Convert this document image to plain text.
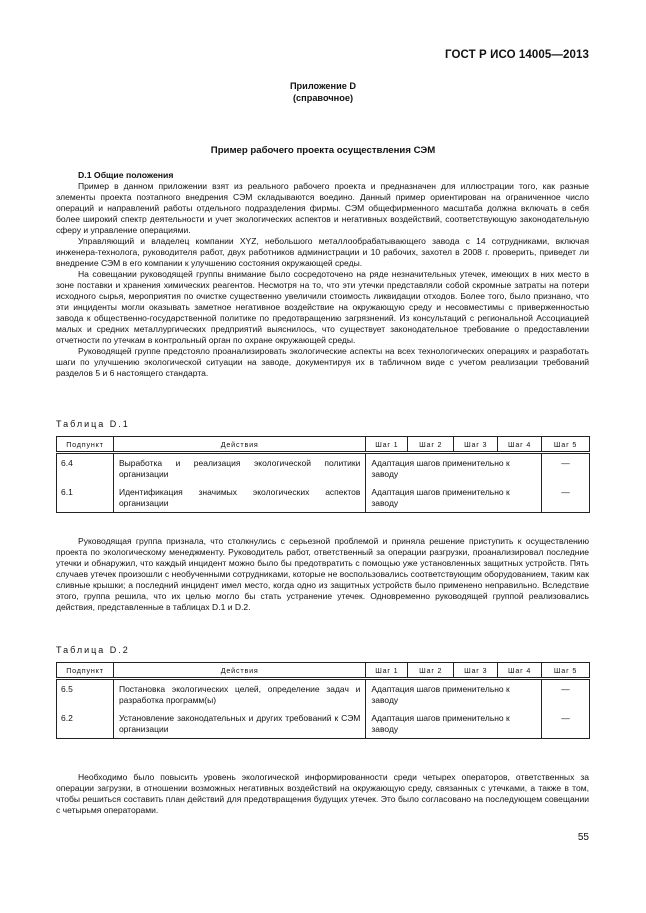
ГОСТ Р ИСО 14005—2013
Приложение D
(справочное)
Пример рабочего проекта осуществления СЭМ

D.1 Общие положения

Пример в данном приложении взят из реального рабочего проекта и предназначен для иллюстрации того, как разные элементы проекта поэтапного внедрения СЭМ складываются воедино. Данный пример ориентирован на ограниченное число операций и направлений работы отдельного подразделения фирмы. СЭМ общефирменного масштаба должна включать в себя более широкий спектр деятельности и учет экологических аспектов и негативных воздействий, соответствующую законодательную сферу и управление операциями.

Управляющий и владелец компании XYZ, небольшого металлообрабатывающего завода с 14 сотрудниками, включая инженера-технолога, руководителя работ, двух работников администрации и 10 рабочих, захотел в 2008 г. проверить, приведет ли внедрение СЭМ в его компании к улучшению состояния окружающей среды.

На совещании руководящей группы внимание было сосредоточено на ряде незначительных утечек, имеющих в них место в зоне поставки и хранения химических реагентов. Несмотря на то, что эти утечки представляли собой скромные затраты на потери исходного сырья, мероприятия по очистке существенно увеличили стоимость ликвидации отходов. Более того, было признано, что эти инциденты могли оказывать заметное негативное воздействие на окружающую среду и несовместимы с приверженностью завода к общественно-государственной политике по предотвращению загрязнений. Из консультаций с региональной Ассоциацией малых и средних металлургических предприятий выяснилось, что существует законодательное требование о предоставлении отчетности по утечкам в контрольный орган по охране окружающей среды.

Руководящей группе предстояло проанализировать экологические аспекты на всех технологических операциях и разработать шаги по улучшению экологической ситуации на заводе, документируя их в табличном виде с учетом реализации требований разделов 5 и 6 настоящего стандарта.

Таблица D.1
Подпункт	Действия	Шаг 1	Шаг 2	Шаг 3	Шаг 4	Шаг 5
6.4	Выработка и реализация экологической политики организации	Адаптация шагов применительно к заводу				—
6.1	Идентификация значимых экологических аспектов организации	Адаптация шагов применительно к заводу				—

Руководящая группа признала, что столкнулись с серьезной проблемой и приняла решение приступить к осуществлению проекта по экологическому менеджменту. Руководитель работ, ответственный за операции разгрузки, проанализировал последние утечки и обнаружил, что каждый инцидент можно было бы предотвратить с помощью уже установленных защитных устройств. Пять случаев утечек произошли с необученными сотрудниками, которые не воспользовались соответствующим оборудованием, таким как сливные крышки; а последний инцидент имел место, когда одно из защитных устройств было применено неправильно. Вследствие этого, группа решила, что их целью могло бы стать устранение утечек. Одновременно руководящей группой реализовались действия, представленные в таблицах D.1 и D.2.

Таблица D.2
Подпункт	Действия	Шаг 1	Шаг 2	Шаг 3	Шаг 4	Шаг 5
6.5	Постановка экологических целей, определение задач и разработка программ(ы)	Адаптация шагов применительно к заводу				—
6.2	Установление законодательных и других требований к СЭМ организации	Адаптация шагов применительно к заводу				—

Необходимо было повысить уровень экологической информированности среди четырех операторов, ответственных за операции загрузки, в отношении возможных негативных воздействий на окружающую среду, связанных с утечками, а также в том, чтобы решиться составить план действий для предотвращения будущих утечек. Это было согласовано на последующем совещании с четырьмя операторами.

55
